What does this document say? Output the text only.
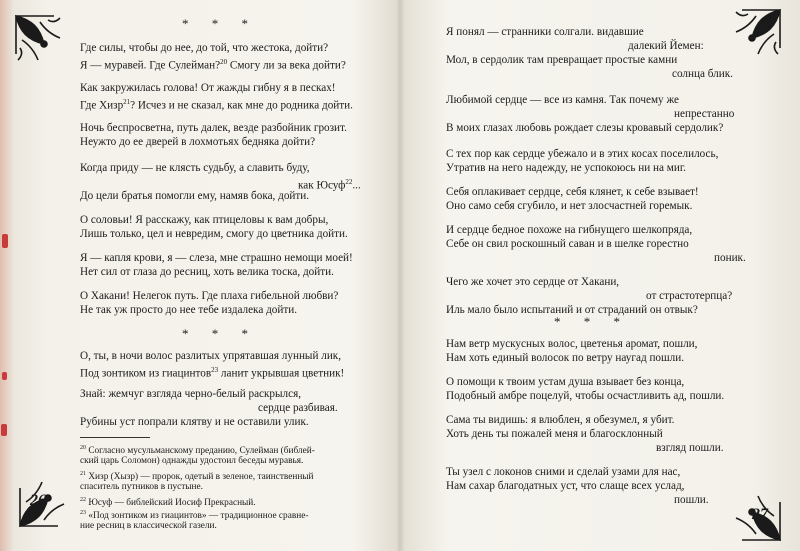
* * *
Где силы, чтобы до нее, до той, что жестока, дойти?
Я — муравей. Где Сулейман?$^{20}$ Смогу ли за века дойти?
Как закружилась голова! От жажды гибну я в песках!
Где Хизр$^{21}$? Исчез и не сказал, как мне до родника дойти.
Ночь беспросветна, путь далек, везде разбойник грозит.
Неужто до ее дверей в лохмотьях бедняка дойти?
Когда приду — не клясть судьбу, а славить буду,
как Юсуф$^{22}$...
До цели братья помогли ему, намяв бока, дойти.
О соловьи! Я расскажу, как птицеловы к вам добры,
Лишь только, цел и невредим, смогу до цветника дойти.
Я — капля крови, я — слеза, мне страшно немощи моей!
Нет сил от глаза до ресниц, хоть велика тоска, дойти.
О Хакани! Нелегок путь. Где плаха гибельной любви?
Не так уж просто до нее тебе издалека дойти.
* * *
О, ты, в ночи волос разлитых упрятавшая лунный лик,
Под зонтиком из гиацинтов$^{23}$ ланит укрывшая цветник!
Знай: жемчуг взгляда черно-белый раскрылся,
сердце разбивая.
Рубины уст попрали клятву и не оставили улик.
$^{20}$ Согласно мусульманскому преданию, Сулейман (библей-
ский царь Соломон) однажды удостоил беседы муравья.
$^{21}$ Хизр (Хызр) — пророк, одетый в зеленое, таинственный
спаситель путников в пустыне.
$^{22}$ Юсуф — библейский Иосиф Прекрасный.
$^{23}$ «Под зонтиком из гиацинтов» — традиционное сравне-
ние ресниц в классической газели.
26
Я понял — странники солгали. видавшие
далекий Йемен:
Мол, в сердолик там превращает простые камни
солнца блик.
Любимой сердце — все из камня. Так почему же
непрестанно
В моих глазах любовь рождает слезы кровавый сердолик?
С тех пор как сердце убежало и в этих косах поселилось,
Утратив на него надежду, не успокоюсь ни на миг.
Себя оплакивает сердце, себя клянет, к себе взывает!
Оно само себя сгубило, и нет злосчастней горемык.
И сердце бедное похоже на гибнущего шелкопряда,
Себе он свил роскошный саван и в шелке горестно
поник.
Чего же хочет это сердце от Хакани,
от страстотерпца?
Иль мало было испытаний и от страданий он отвык?
* * *
Нам ветр мускусных волос, цветенья аромат, пошли,
Нам хоть единый волосок по ветру наугад пошли.
О помощи к твоим устам душа взывает без конца,
Подобный амбре поцелуй, чтобы осчастливить ад, пошли.
Сама ты видишь: я влюблен, я обезумел, я убит.
Хоть день ты пожалей меня и благосклонный
взгляд пошли.
Ты узел с локонов сними и сделай узами для нас,
Нам сахар благодатных уст, что слаще всех услад,
пошли.
27
